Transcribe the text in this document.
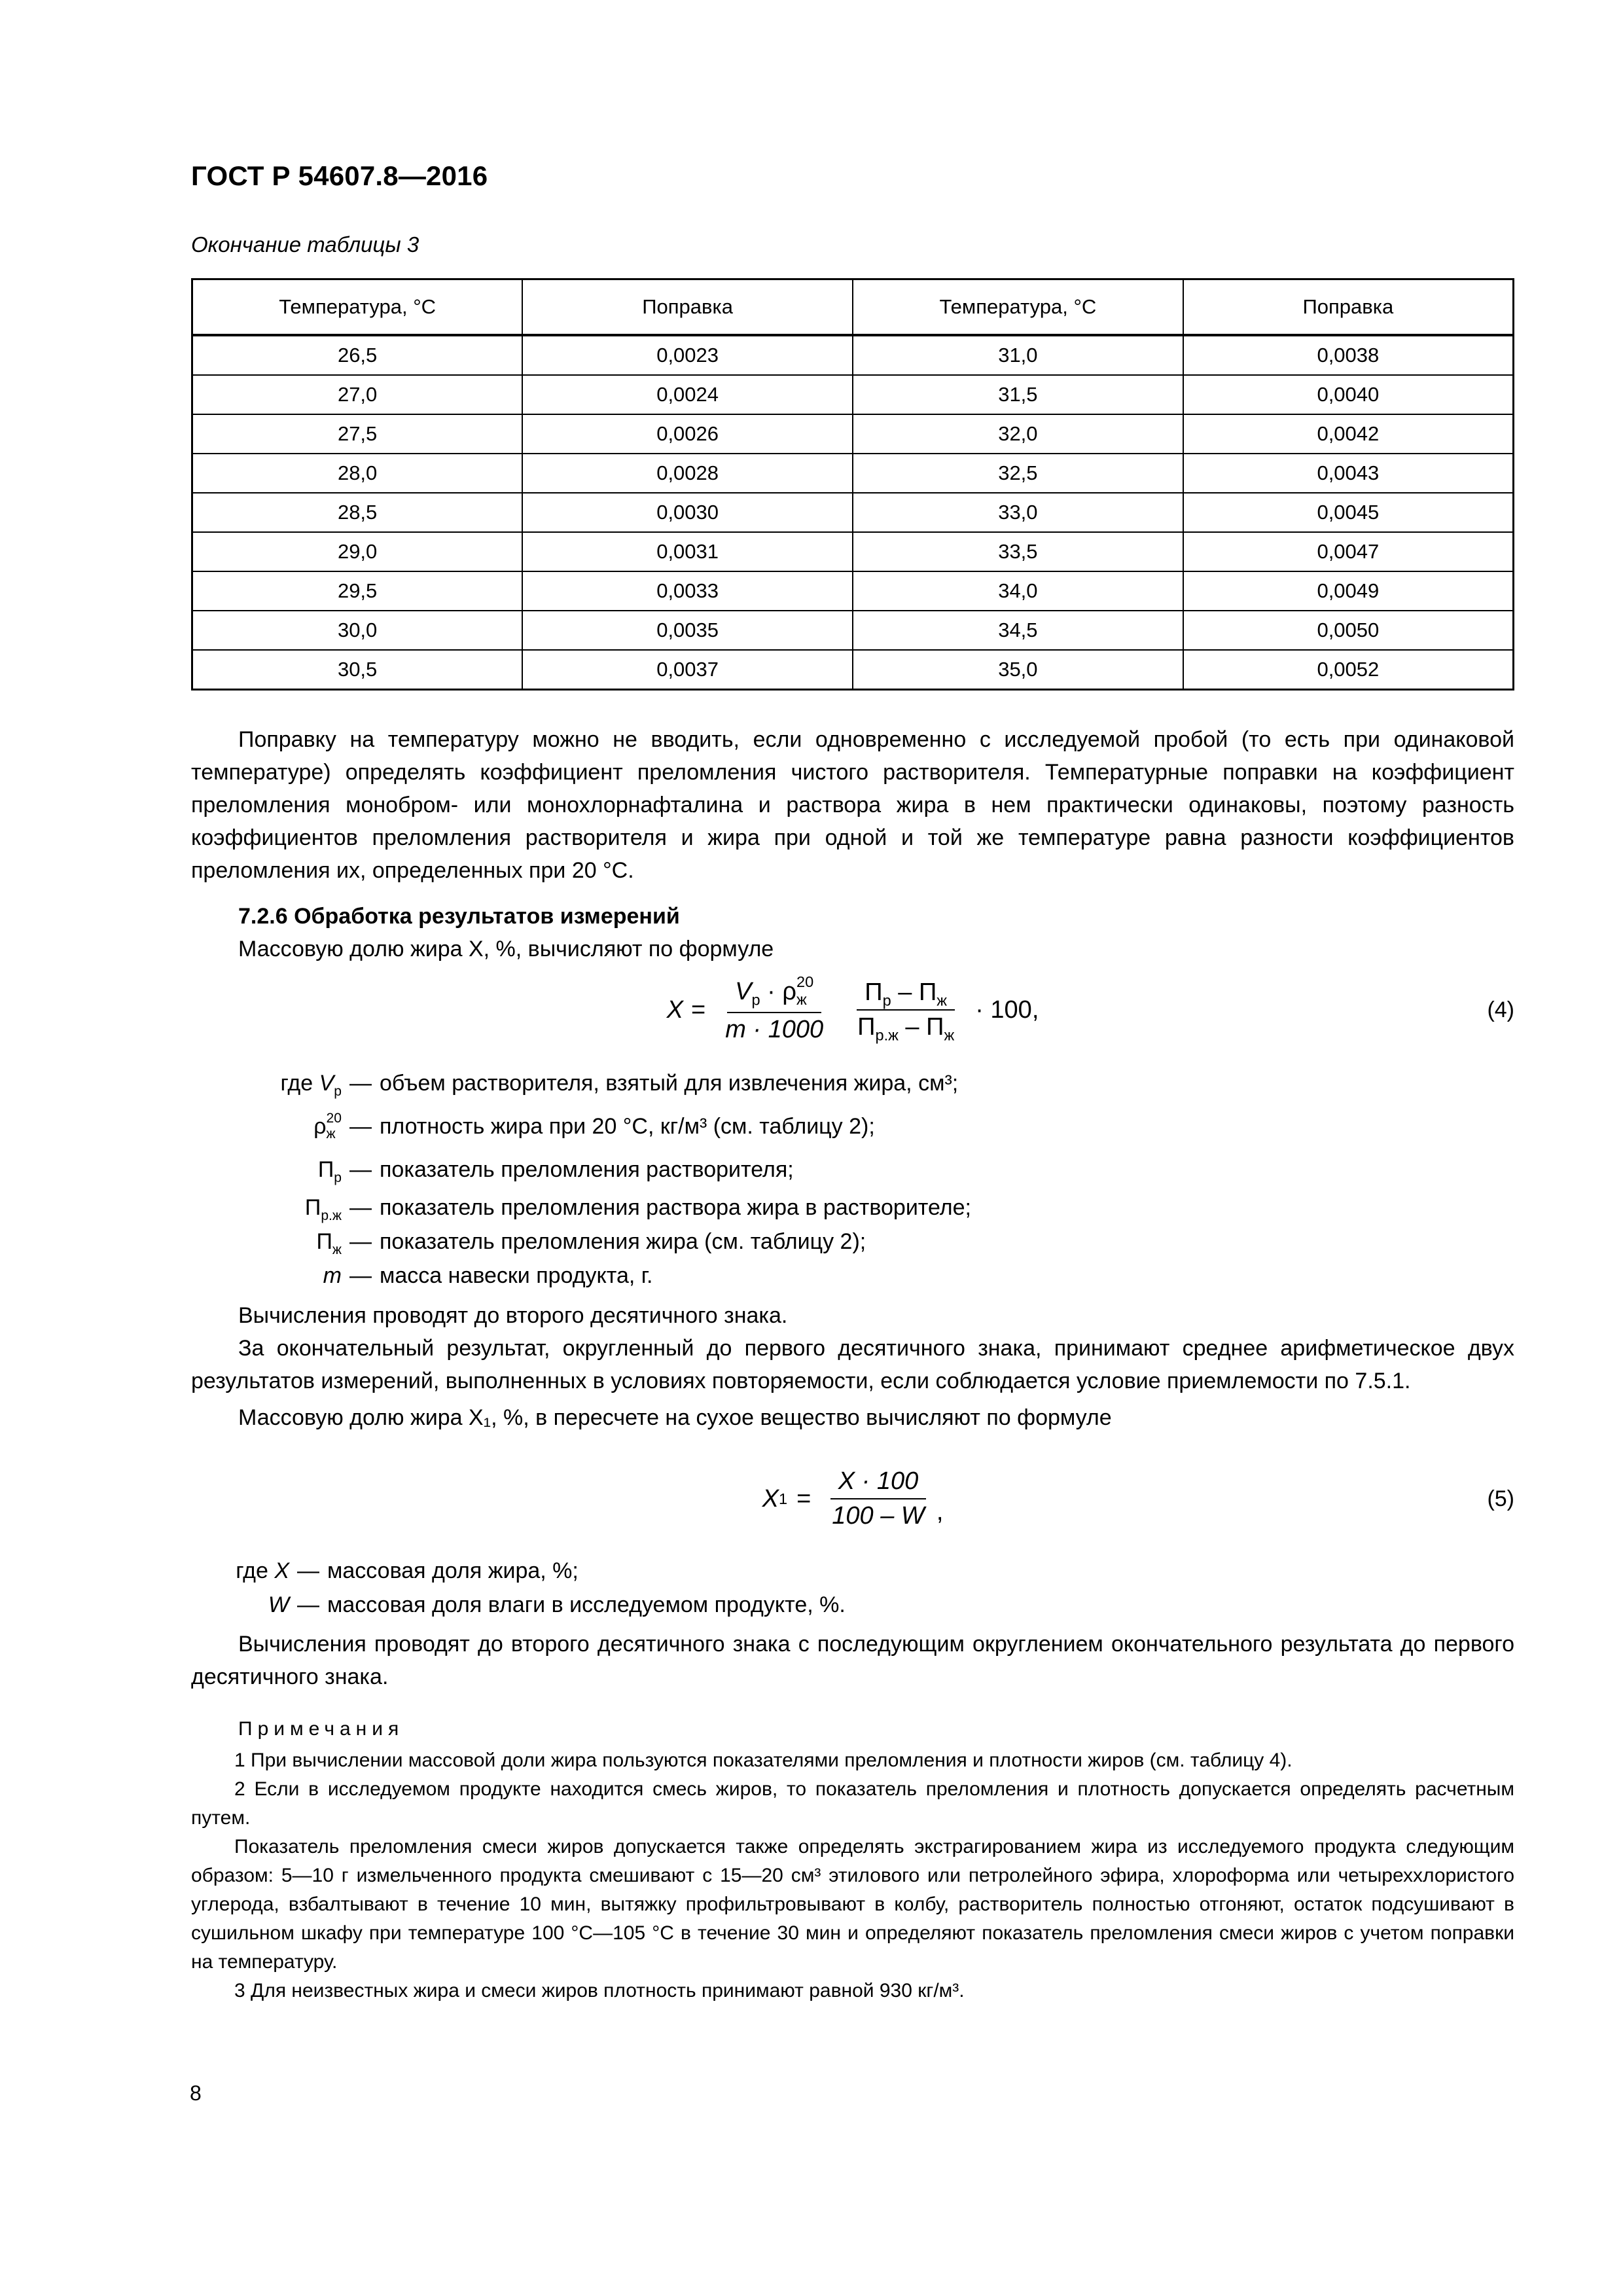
ГОСТ Р 54607.8—2016
Окончание таблицы 3
Температура, °С	Поправка	Температура, °С	Поправка
26,5	0,0023	31,0	0,0038
27,0	0,0024	31,5	0,0040
27,5	0,0026	32,0	0,0042
28,0	0,0028	32,5	0,0043
28,5	0,0030	33,0	0,0045
29,0	0,0031	33,5	0,0047
29,5	0,0033	34,0	0,0049
30,0	0,0035	34,5	0,0050
30,5	0,0037	35,0	0,0052

Поправку на температуру можно не вводить, если одновременно с исследуемой пробой (то есть при одинаковой температуре) определять коэффициент преломления чистого растворителя. Температурные поправки на коэффициент преломления монобром- или монохлорнафталина и раствора жира в нем практически одинаковы, поэтому разность коэффициентов преломления растворителя и жира при одной и той же температуре равна разности коэффициентов преломления их, определенных при 20 °С.

7.2.6 Обработка результатов измерений

Массовую долю жира Х, %, вычисляют по формуле

$X = V_р \cdot \rho$ 20
ж
$m \cdot 1000 \frac{П_р - П_ж}{П_{р.ж} - П_ж} \cdot 100$,	(4)
где $V_р$ — объем растворителя, взятый для извлечения жира, см³;
ρ 20
ж — плотность жира при 20 °С, кг/м³ (см. таблицу 2);
$П_р$ — показатель преломления растворителя;
$П_{р.ж}$ — показатель преломления раствора жира в растворителе;
$П_ж$ — показатель преломления жира (см. таблицу 2);
m — масса навески продукта, г.

Вычисления проводят до второго десятичного знака.

За окончательный результат, округленный до первого десятичного знака, принимают среднее арифметическое двух результатов измерений, выполненных в условиях повторяемости, если соблюдается условие приемлемости по 7.5.1.

Массовую долю жира Х₁, %, в пересчете на сухое вещество вычисляют по формуле

X $1 = \frac{X \cdot 100}{100 - W}$ ,	(5)
где X — массовая доля жира, %;
W — массовая доля влаги в исследуемом продукте, %.

Вычисления проводят до второго десятичного знака с последующим округлением окончательного результата до первого десятичного знака.

Примечания

1 При вычислении массовой доли жира пользуются показателями преломления и плотности жиров (см. таблицу 4).

2 Если в исследуемом продукте находится смесь жиров, то показатель преломления и плотность допускается определять расчетным путем.

Показатель преломления смеси жиров допускается также определять экстрагированием жира из исследуемого продукта следующим образом: 5—10 г измельченного продукта смешивают с 15—20 см³ этилового или петролейного эфира, хлороформа или четыреххлористого углерода, взбалтывают в течение 10 мин, вытяжку профильтровывают в колбу, растворитель полностью отгоняют, остаток подсушивают в сушильном шкафу при температуре 100 °С—105 °С в течение 30 мин и определяют показатель преломления смеси жиров с учетом поправки на температуру.

3 Для неизвестных жира и смеси жиров плотность принимают равной 930 кг/м³.

8
